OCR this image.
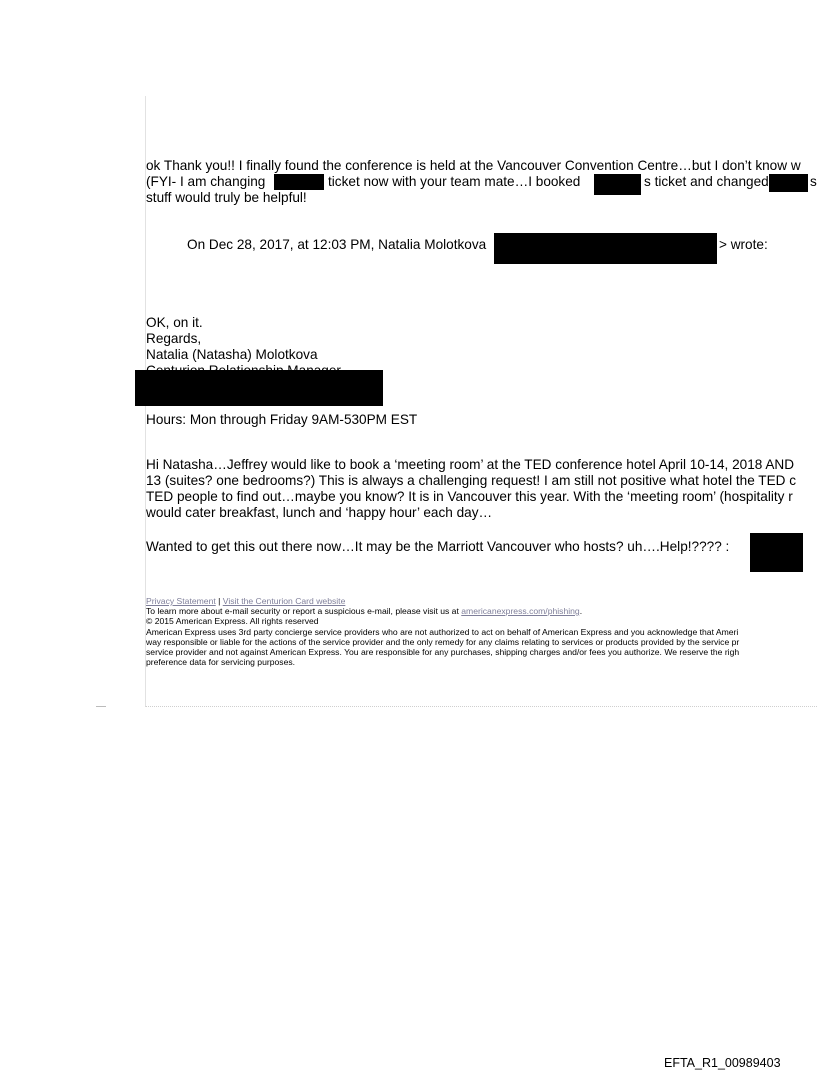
ok Thank you!! I finally found the conference is held at the Vancouver Convention Centre…but I don’t know w
(FYI- I am changing	ticket now with your team mate…I booked	s ticket and changed	s
stuff would truly be helpful!
On Dec 28, 2017, at 12:03 PM, Natalia Molotkova	> wrote:
OK, on it.
Regards,
Natalia (Natasha) Molotkova
Hours: Mon through Friday 9AM-530PM EST
Hi Natasha…Jeffrey would like to book a ‘meeting room’ at the TED conference hotel April 10-14, 2018 AND
13 (suites? one bedrooms?) This is always a challenging request! I am still not positive what hotel the TED c
TED people to find out…maybe you know? It is in Vancouver this year. With the ‘meeting room’ (hospitality r
would cater breakfast, lunch and ‘happy hour’ each day…
Wanted to get this out there now…It may be the Marriott Vancouver who hosts? uh….Help!???? :
Privacy Statement | Visit the Centurion Card website
To learn more about e-mail security or report a suspicious e-mail, please visit us at americanexpress.com/phishing.
© 2015 American Express. All rights reserved
American Express uses 3rd party concierge service providers who are not authorized to act on behalf of American Express and you acknowledge that Ameri
way responsible or liable for the actions of the service provider and the only remedy for any claims relating to services or products provided by the service pr
service provider and not against American Express. You are responsible for any purchases, shipping charges and/or fees you authorize. We reserve the righ
preference data for servicing purposes.
EFTA_R1_00989403
